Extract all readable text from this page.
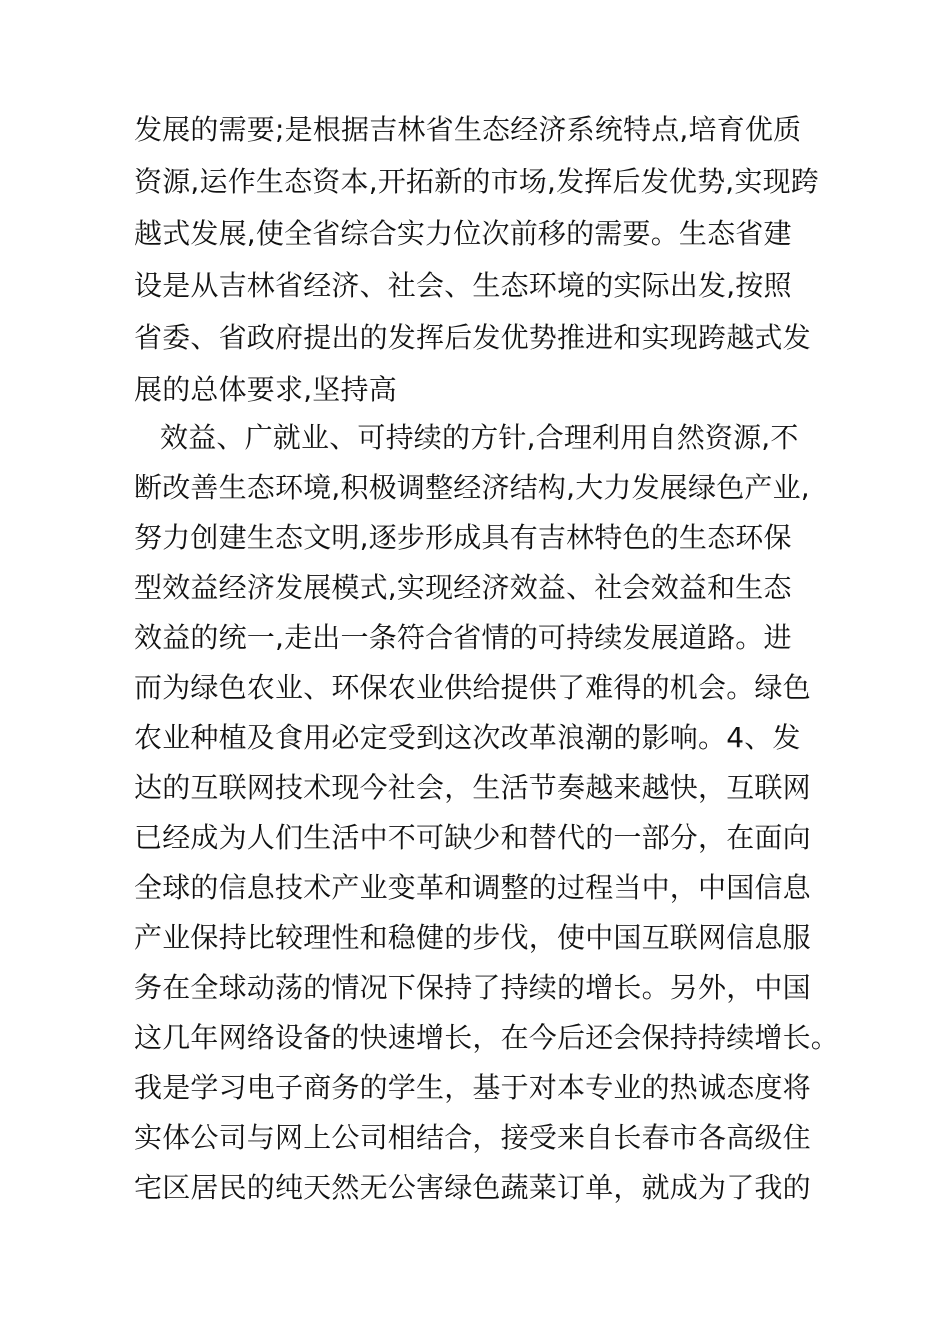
发展的需要;是根据吉林省生态经济系统特点,培育优质
资源,运作生态资本,开拓新的市场,发挥后发优势,实现跨
越式发展,使全省综合实力位次前移的需要。生态省建
设是从吉林省经济、社会、生态环境的实际出发,按照
省委、省政府提出的发挥后发优势推进和实现跨越式发
展的总体要求,坚持高
效益、广就业、可持续的方针,合理利用自然资源,不
断改善生态环境,积极调整经济结构,大力发展绿色产业,
努力创建生态文明,逐步形成具有吉林特色的生态环保
型效益经济发展模式,实现经济效益、社会效益和生态
效益的统一,走出一条符合省情的可持续发展道路。进
而为绿色农业、环保农业供给提供了难得的机会。绿色
农业种植及食用必定受到这次改革浪潮的影响。4、发
达的互联网技术现今社会，生活节奏越来越快，互联网
已经成为人们生活中不可缺少和替代的一部分，在面向
全球的信息技术产业变革和调整的过程当中，中国信息
产业保持比较理性和稳健的步伐，使中国互联网信息服
务在全球动荡的情况下保持了持续的增长。另外，中国
这几年网络设备的快速增长，在今后还会保持持续增长。
我是学习电子商务的学生，基于对本专业的热诚态度将
实体公司与网上公司相结合，接受来自长春市各高级住
宅区居民的纯天然无公害绿色蔬菜订单，就成为了我的
